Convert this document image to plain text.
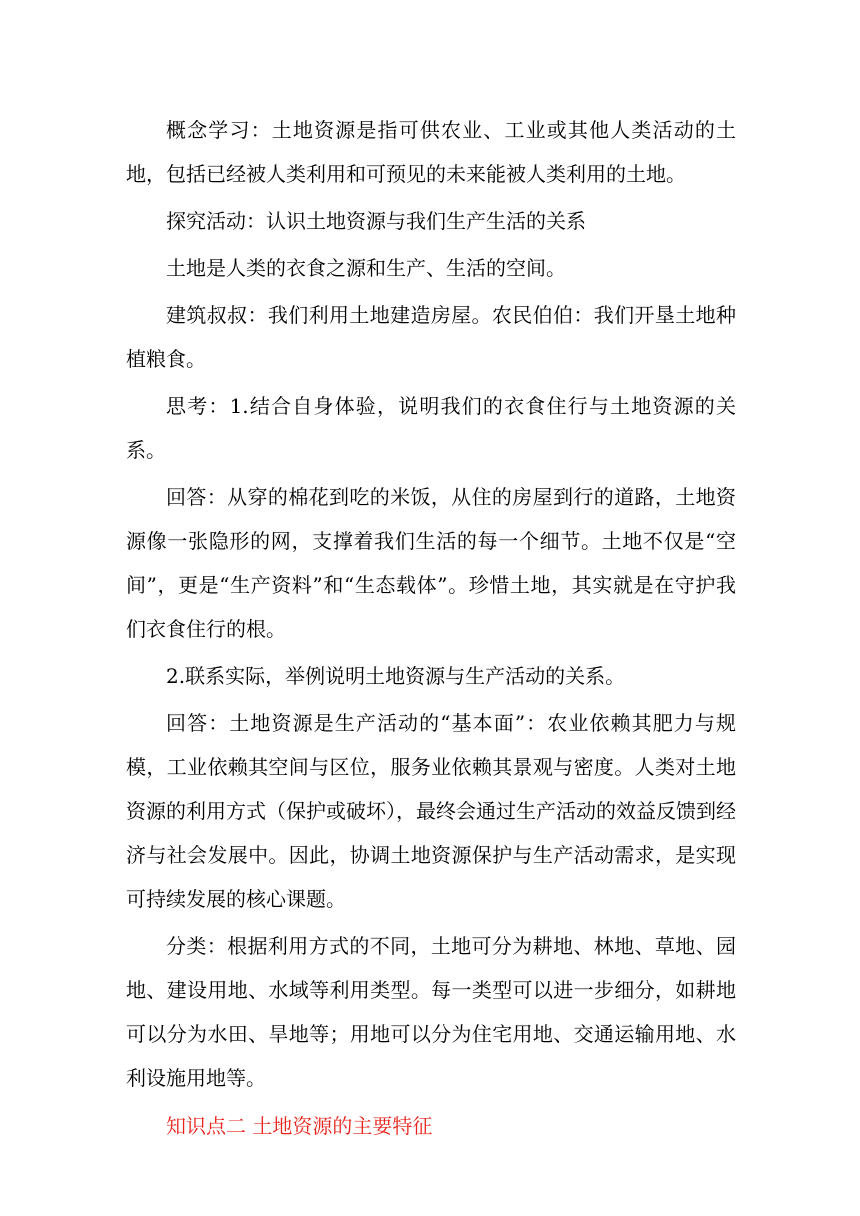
概念学习：土地资源是指可供农业、工业或其他人类活动的土地，包括已经被人类利用和可预见的未来能被人类利用的土地。

探究活动：认识土地资源与我们生产生活的关系

土地是人类的衣食之源和生产、生活的空间。

建筑叔叔：我们利用土地建造房屋。农民伯伯：我们开垦土地种植粮食。

思考：1.结合自身体验，说明我们的衣食住行与土地资源的关系。

回答：从穿的棉花到吃的米饭，从住的房屋到行的道路，土地资源像一张隐形的网，支撑着我们生活的每一个细节。土地不仅是“空间”，更是“生产资料”和“生态载体”。珍惜土地，其实就是在守护我们衣食住行的根。

2.联系实际，举例说明土地资源与生产活动的关系。

回答：土地资源是生产活动的“基本面”：农业依赖其肥力与规模，工业依赖其空间与区位，服务业依赖其景观与密度。人类对土地资源的利用方式（保护或破坏），最终会通过生产活动的效益反馈到经济与社会发展中。因此，协调土地资源保护与生产活动需求，是实现可持续发展的核心课题。

分类：根据利用方式的不同，土地可分为耕地、林地、草地、园地、建设用地、水域等利用类型。每一类型可以进一步细分，如耕地可以分为水田、旱地等；用地可以分为住宅用地、交通运输用地、水利设施用地等。

知识点二 土地资源的主要特征
